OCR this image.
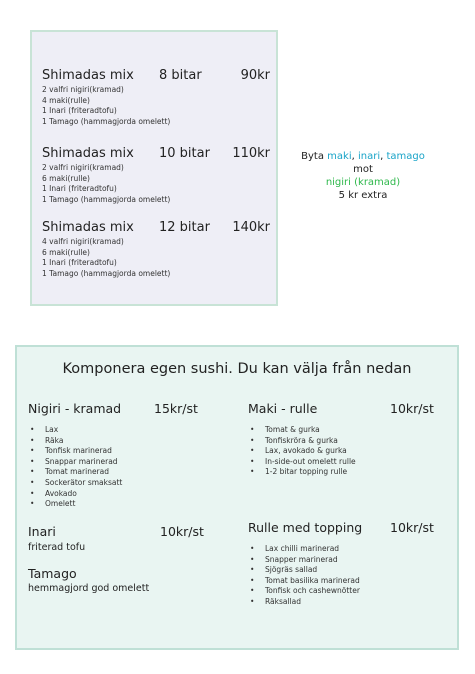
Shimadas mix 8 bitar	90kr
2 valfri nigiri(kramad)
4 maki(rulle)
1 Inari (friteradtofu)
1 Tamago (hammagjorda omelett)
Shimadas mix 10 bitar 110kr
2 valfri nigiri(kramad)
6 maki(rulle)
1 Inari (friteradtofu)
1 Tamago (hammagjorda omelett)
Shimadas mix 12 bitar 140kr
4 valfri nigiri(kramad)
6 maki(rulle)
1 Inari (friteradtofu)
1 Tamago (hammagjorda omelett)
Byta maki, inari, tamago
mot
nigiri (kramad)
5 kr extra
Komponera egen sushi. Du kan välja från nedan
Nigiri - kramad	15kr/st
• Lax
• Räka
• Tonfisk marinerad
• Snappar marinerad
• Tomat marinerad
• Sockerätor smaksatt
• Avokado
• Omelett
Maki - rulle	10kr/st
• Tomat & gurka
• Tonfiskröra & gurka
• Lax, avokado & gurka
• In-side-out omelett rulle
• 1-2 bitar topping rulle
Inari	10kr/st
friterad tofu
Tamago
hemmagjord god omelett
Rulle med topping 10kr/st
• Lax chilli marinerad
• Snapper marinerad
• Sjögräs sallad
• Tomat basilika marinerad
• Tonfisk och cashewnötter
• Räksallad
